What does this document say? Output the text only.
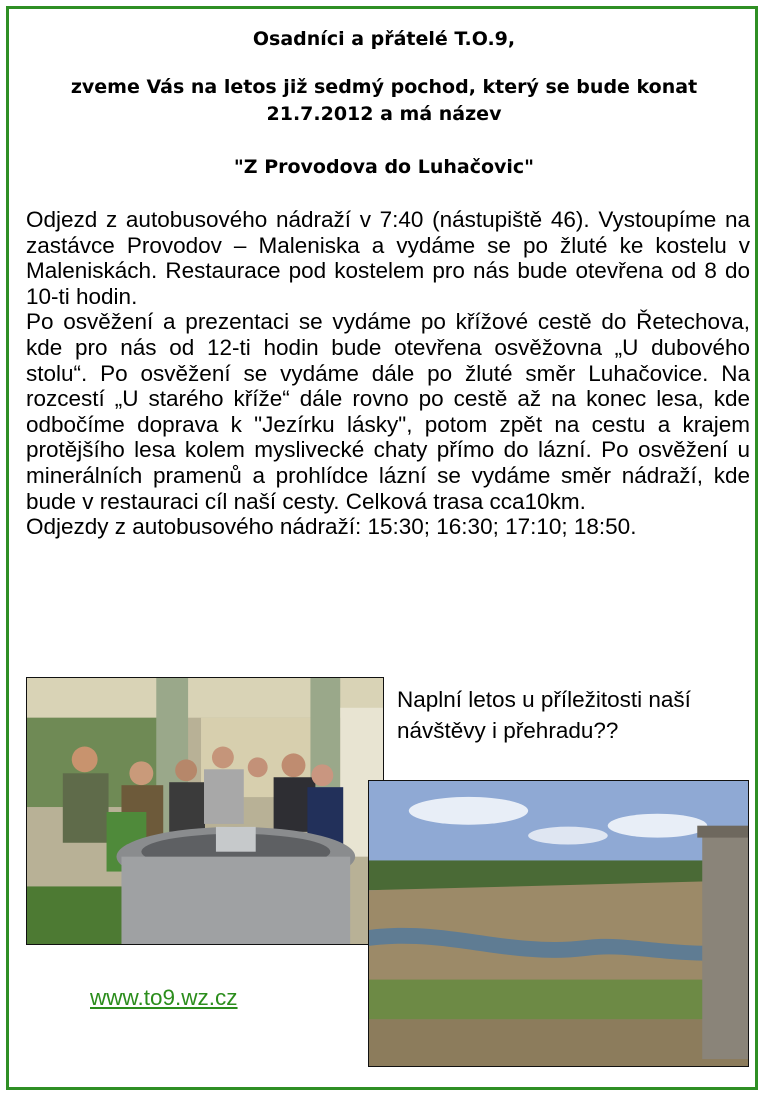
Osadníci a přátelé T.O.9,
zveme Vás na letos již sedmý pochod, který se bude konat 21.7.2012 a má název
"Z Provodova do Luhačovic"

Odjezd z autobusového nádraží v 7:40 (nástupiště 46). Vystoupíme na zastávce Provodov – Maleniska a vydáme se po žluté ke kostelu v Maleniskách. Restaurace pod kostelem pro nás bude otevřena od 8 do 10-ti hodin.

Po osvěžení a prezentaci se vydáme po křížové cestě do Řetechova, kde pro nás od 12-ti hodin bude otevřena osvěžovna „U dubového stolu“. Po osvěžení se vydáme dále po žluté směr Luhačovice. Na rozcestí „U starého kříže“ dále rovno po cestě až na konec lesa, kde odbočíme doprava k "Jezírku lásky", potom zpět na cestu a krajem protějšího lesa kolem myslivecké chaty přímo do lázní. Po osvěžení u minerálních pramenů a prohlídce lázní se vydáme směr nádraží, kde bude v restauraci cíl naší cesty. Celková trasa cca10km.

Odjezdy z autobusového nádraží: 15:30; 16:30; 17:10; 18:50.

Naplní letos u příležitosti naší návštěvy i přehradu??
www.to9.wz.cz
